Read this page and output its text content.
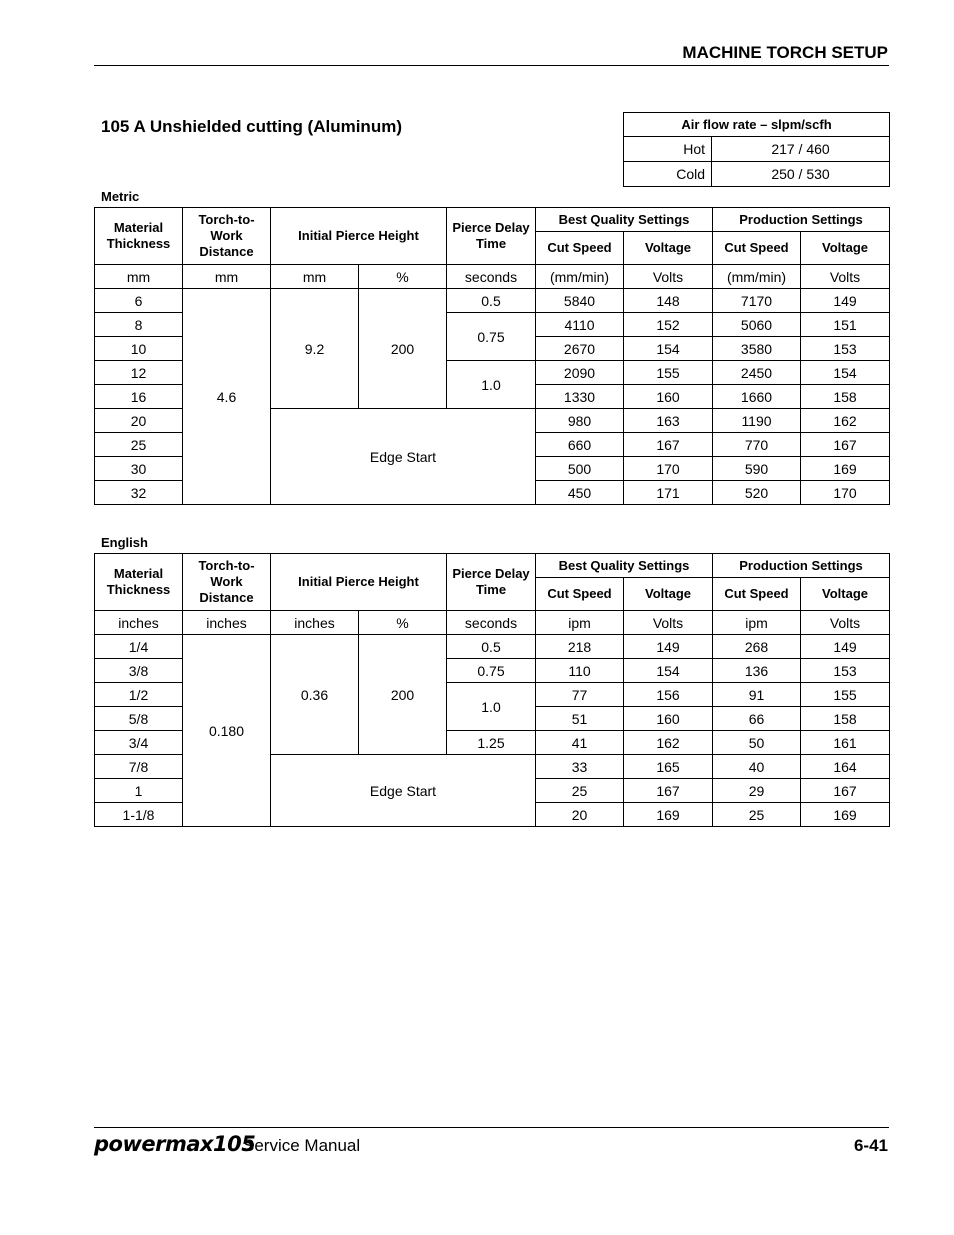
MACHINE TORCH SETUP
105 A Unshielded cutting (Aluminum)	Air flow rate – slpm/scfh	
Hot	217 / 460
Cold	250 / 530
Metric
Material Thickness	Torch-to-Work Distance	Initial Pierce Height		Pierce Delay Time	Best Quality Settings		Production Settings	
					Cut Speed	Voltage	Cut Speed	Voltage
mm	mm	mm	%	seconds	(mm/min)	Volts	(mm/min)	Volts
6	4.6	9.2	200	0.5	5840	148	7170	149
8				0.75	4110	152	5060	151
10					2670	154	3580	153
12				1.0	2090	155	2450	154
16					1330	160	1660	158
20		Edge Start			980	163	1190	162
25					660	167	770	167
30					500	170	590	169
32					450	171	520	170
English
Material Thickness	Torch-to-Work Distance	Initial Pierce Height		Pierce Delay Time	Best Quality Settings		Production Settings	
					Cut Speed	Voltage	Cut Speed	Voltage
inches	inches	inches	%	seconds	ipm	Volts	ipm	Volts
1/4	0.180	0.36	200	0.5	218	149	268	149
3/8				0.75	110	154	136	153
1/2				1.0	77	156	91	155
5/8					51	160	66	158
3/4				1.25	41	162	50	161
7/8		Edge Start			33	165	40	164
1					25	167	29	167
1-1/8					20	169	25	169
powermax105
Service Manual	6-41
